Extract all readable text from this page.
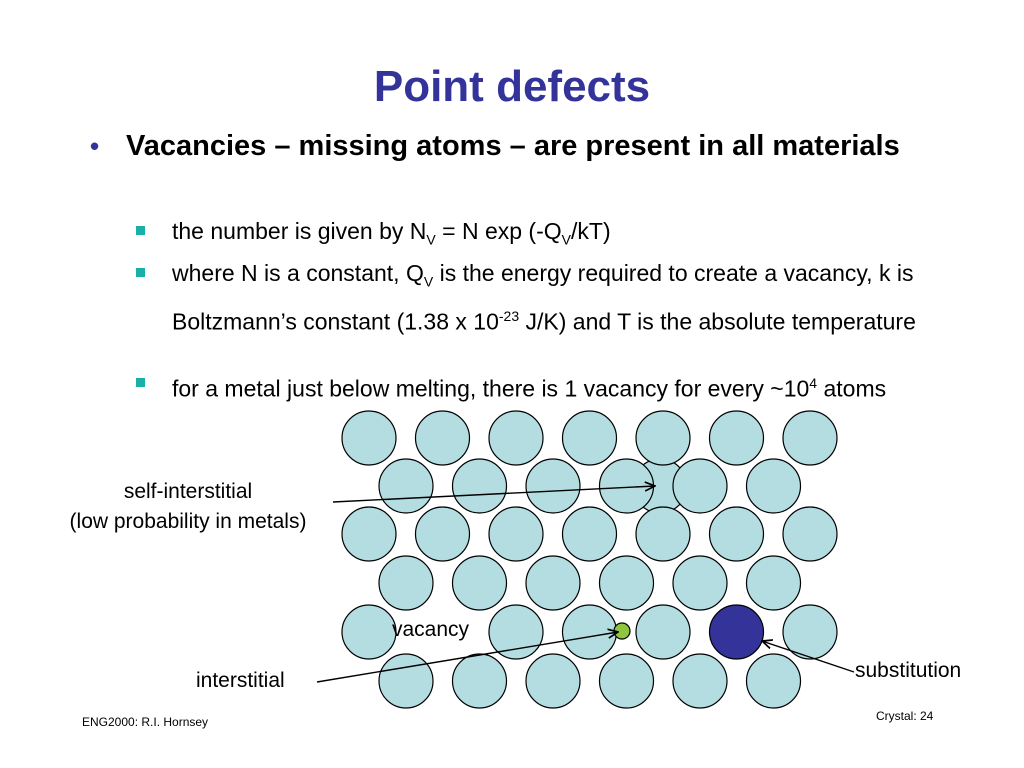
Point defects
• Vacancies – missing atoms – are present in all materials
the number is given by $N_V = N$ $\exp (-Q_V/kT)$
where N is a constant, $Q_V$ is the energy required to create a vacancy, k is Boltzmann’s constant (1.38 x $10^{-23}$ J/K) and T is the absolute temperature
for a metal just below melting, there is 1 vacancy for every $\sim 10^4$ atoms
self-interstitial
(low probability in metals)
vacancy
interstitial	substitution
ENG2000: R.I. Hornsey	Crystal: 24
